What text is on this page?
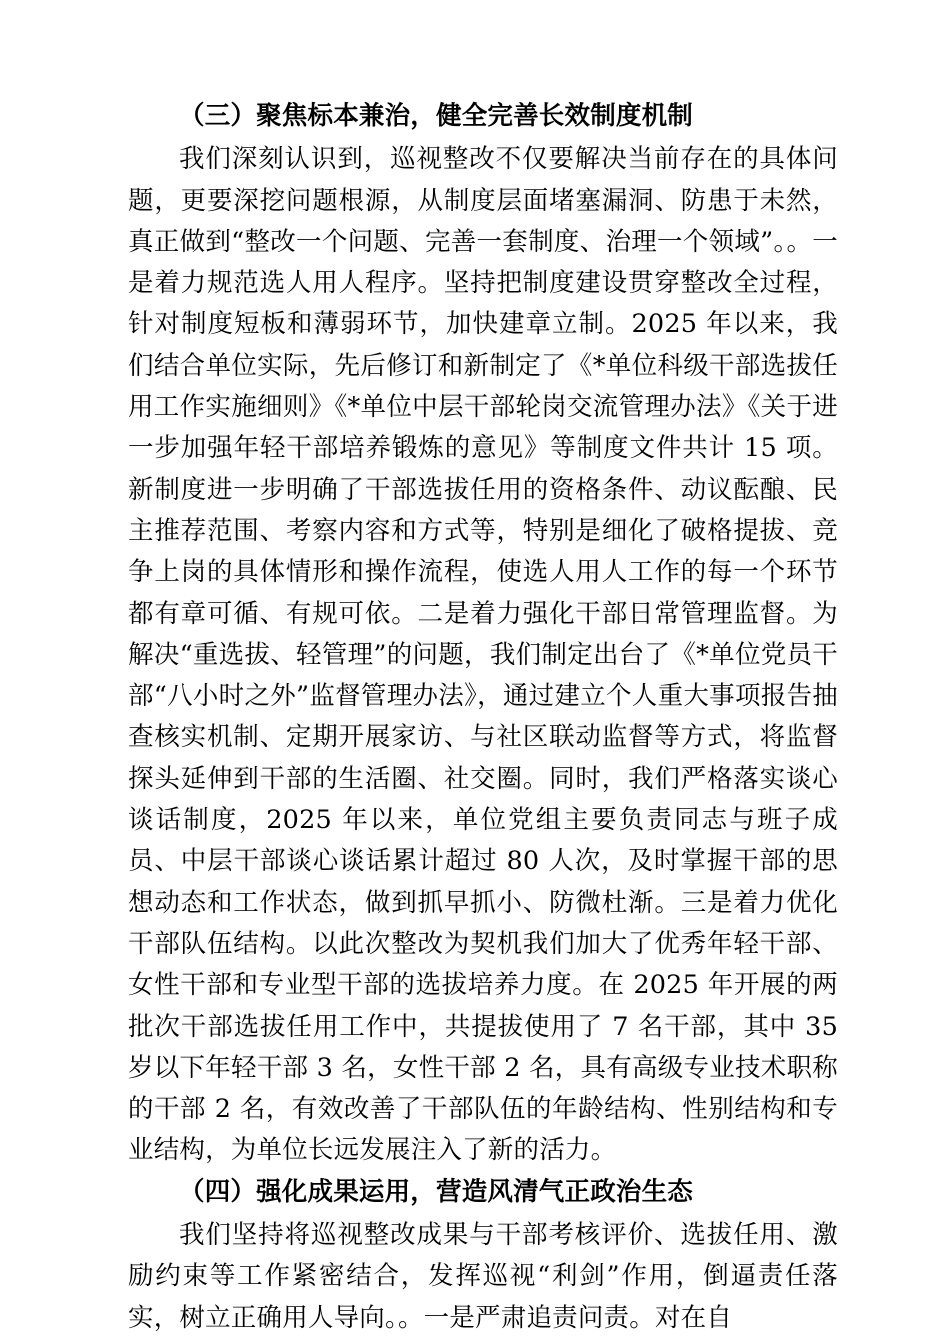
（三）聚焦标本兼治，健全完善长效制度机制

我们深刻认识到，巡视整改不仅要解决当前存在的具体问题，更要深挖问题根源，从制度层面堵塞漏洞、防患于未然，真正做到“整改一个问题、完善一套制度、治理一个领域”。。一是着力规范选人用人程序。坚持把制度建设贯穿整改全过程，针对制度短板和薄弱环节，加快建章立制。2025 年以来，我们结合单位实际，先后修订和新制定了《*单位科级干部选拔任用工作实施细则》《*单位中层干部轮岗交流管理办法》《关于进一步加强年轻干部培养锻炼的意见》等制度文件共计 15 项。新制度进一步明确了干部选拔任用的资格条件、动议酝酿、民主推荐范围、考察内容和方式等，特别是细化了破格提拔、竞争上岗的具体情形和操作流程，使选人用人工作的每一个环节都有章可循、有规可依。二是着力强化干部日常管理监督。为解决“重选拔、轻管理”的问题，我们制定出台了《*单位党员干部“八小时之外”监督管理办法》，通过建立个人重大事项报告抽查核实机制、定期开展家访、与社区联动监督等方式，将监督探头延伸到干部的生活圈、社交圈。同时，我们严格落实谈心谈话制度，2025 年以来，单位党组主要负责同志与班子成员、中层干部谈心谈话累计超过 80 人次，及时掌握干部的思想动态和工作状态，做到抓早抓小、防微杜渐。三是着力优化干部队伍结构。以此次整改为契机我们加大了优秀年轻干部、女性干部和专业型干部的选拔培养力度。在 2025 年开展的两批次干部选拔任用工作中，共提拔使用了 7 名干部，其中 35 岁以下年轻干部 3 名，女性干部 2 名，具有高级专业技术职称的干部 2 名，有效改善了干部队伍的年龄结构、性别结构和专业结构，为单位长远发展注入了新的活力。

（四）强化成果运用，营造风清气正政治生态

我们坚持将巡视整改成果与干部考核评价、选拔任用、激励约束等工作紧密结合，发挥巡视“利剑”作用，倒逼责任落实，树立正确用人导向。。一是严肃追责问责。对在自
